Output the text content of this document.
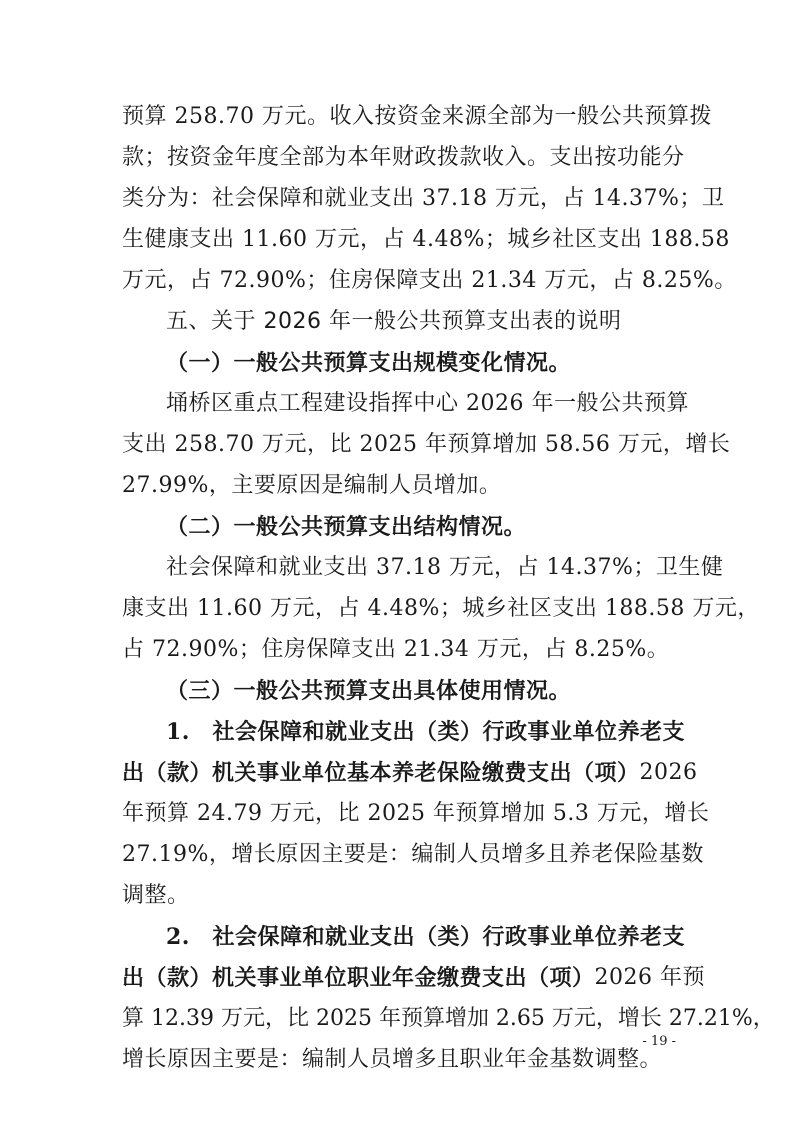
预算 258.70 万元。收入按资金来源全部为一般公共预算拨
款；按资金年度全部为本年财政拨款收入。支出按功能分
类分为：社会保障和就业支出 37.18 万元，占 14.37%；卫
生健康支出 11.60 万元，占 4.48%；城乡社区支出 188.58
万元，占 72.90%；住房保障支出 21.34 万元，占 8.25%。
五、关于 2026 年一般公共预算支出表的说明
（一）一般公共预算支出规模变化情况。
埇桥区重点工程建设指挥中心 2026 年一般公共预算
支出 258.70 万元，比 2025 年预算增加 58.56 万元，增长
27.99%，主要原因是编制人员增加。
（二）一般公共预算支出结构情况。
社会保障和就业支出 37.18 万元，占 14.37%；卫生健
康支出 11.60 万元，占 4.48%；城乡社区支出 188.58 万元，
占 72.90%；住房保障支出 21.34 万元，占 8.25%。
（三）一般公共预算支出具体使用情况。
1.　社会保障和就业支出（类）行政事业单位养老支
出（款）机关事业单位基本养老保险缴费支出（项） 2026
年预算 24.79 万元，比 2025 年预算增加 5.3 万元，增长
27.19%，增长原因主要是：编制人员增多且养老保险基数
调整。
2.　社会保障和就业支出（类）行政事业单位养老支
出（款）机关事业单位职业年金缴费支出（项） 2026 年预
算 12.39 万元，比 2025 年预算增加 2.65 万元，增长 27.21%，
增长原因主要是：编制人员增多且职业年金基数调整。
- 19 -
